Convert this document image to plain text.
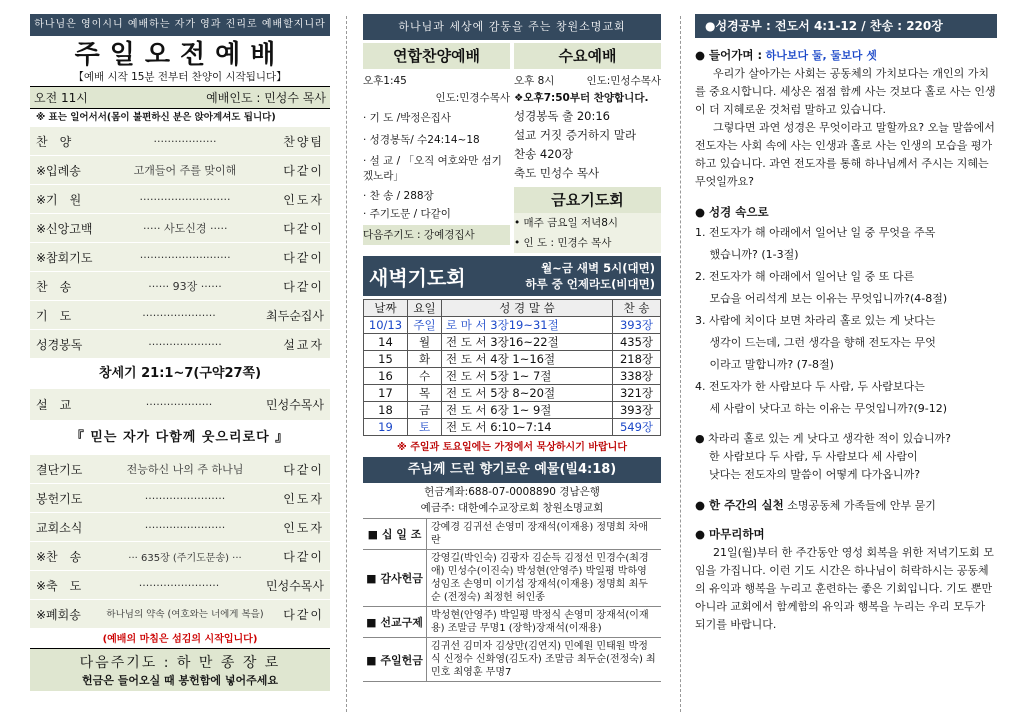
하나님은 영이시니 예배하는 자가 영과 진리로 예배할지니라
주일오전예배
【예배 시작 15분 전부터 찬양이 시작됩니다】
오전 11시	예배인도 : 민성수 목사
※ 표는 일어서서(몸이 불편하신 분은 앉아계셔도 됩니다)
찬　양	··················	찬양팀
※입례송	고개들어 주를 맞이해	다같이
※기　원	··························	인도자
※신앙고백	····· 사도신경 ·····	다같이
※참회기도	··························	다같이
찬　송	······ 93장 ······	다같이
기　도	·····················	최두순집사
성경봉독	·····················	설교자
창세기 21:1~7(구약27쪽)
설　교	···················	민성수목사
『 믿는 자가 다함께 웃으리로다 』
결단기도	전능하신 나의 주 하나님	다같이
봉헌기도	·······················	인도자
교회소식	·······················	인도자
※찬　송	··· 635장 (주기도문송) ···	다같이
※축　도	·······················	민성수목사
※폐회송	하나님의 약속 (여호와는 너에게 복을)	다같이
(예배의 마침은 섬김의 시작입니다)
다음주기도 : 하 만 종 장 로
헌금은 들어오실 때 봉헌함에 넣어주세요
하나님과 세상에 감동을 주는 창원소명교회
연합찬양예배
오후1:45
인도:민경수목사
· 기 도 /박정은집사
· 성경봉독/ 수24:14~18
· 설 교 / 「오직 여호와만 섬기겠노라」
· 찬 송 / 288장
· 주기도문 / 다같이
다음주기도 : 강예경집사
수요예배
오후 8시	인도:민성수목사
❖오후7:50부터 찬양합니다.
성경봉독 출 20:16
설교 거짓 증거하지 말라
찬송 420장
축도 민성수 목사
금요기도회
• 매주 금요일 저녁8시
• 인 도 : 민경수 목사
새벽기도회	월~금 새벽 5시(대면)
하루 중 언제라도(비대면)
날짜	요일	성 경 말 씀	찬 송
10/13	주일	로 마 서 3장19~31절	393장
14	월	전 도 서 3장16~22절	435장
15	화	전 도 서 4장 1~16절	218장
16	수	전 도 서 5장 1~ 7절	338장
17	목	전 도 서 5장 8~20절	321장
18	금	전 도 서 6장 1~ 9절	393장
19	토	전 도 서 6:10~7:14	549장
※ 주일과 토요일에는 가정에서 묵상하시기 바랍니다
주님께 드린 향기로운 예물(빌4:18)
헌금계좌:688-07-0008890 경남은행
예금주: 대한예수교장로회 창원소명교회
■ 십 일 조
강예경 김귀선 손영미 장재석(이재용) 정명희 차애란
■ 감사헌금
강영길(박인숙) 김광자 김순득 김정선 민경수(최경애) 민성수(이진숙) 박성현(안영주) 박일평 박하영 성임조 손영미 이기섭 장재석(이재용) 정명희 최두순 (전정숙) 최정헌 허인종
■ 선교구제
박성현(안영주) 박일평 박정식 손영미 장재석(이재용) 조말금 무명1 (장학)장재석(이재용)
■ 주일헌금
김귀선 김미자 김상만(김연지) 민예원 민태원 박정식 신정수 신화영(김도자) 조말금 최두순(전정숙) 최민호 최영훈 무명7
●성경공부 : 전도서 4:1-12 / 찬송 : 220장
● 들어가며 : 하나보다 둘, 둘보다 셋
우리가 살아가는 사회는 공동체의 가치보다는 개인의 가치를 중요시합니다. 세상은 점점 함께 사는 것보다 홀로 사는 인생이 더 지혜로운 것처럼 말하고 있습니다.
그렇다면 과연 성경은 무엇이라고 말할까요? 오늘 말씀에서 전도자는 사회 속에 사는 인생과 홀로 사는 인생의 모습을 평가하고 있습니다. 과연 전도자를 통해 하나님께서 주시는 지혜는 무엇일까요?
● 성경 속으로
1. 전도자가 해 아래에서 일어난 일 중 무엇을 주목
　 했습니까? (1-3절)
2. 전도자가 해 아래에서 일어난 일 중 또 다른
　 모습을 어리석게 보는 이유는 무엇입니까?(4-8절)
3. 사람에 치이다 보면 차라리 홀로 있는 게 낫다는
　 생각이 드는데, 그런 생각을 향해 전도자는 무엇
　 이라고 말합니까? (7-8절)
4. 전도자가 한 사람보다 두 사람, 두 사람보다는
　 세 사람이 낫다고 하는 이유는 무엇입니까?(9-12)
● 차라리 홀로 있는 게 낫다고 생각한 적이 있습니까?
한 사람보다 두 사람, 두 사람보다 세 사람이
낫다는 전도자의 말씀이 어떻게 다가옵니까?
● 한 주간의 실천 소명공동체 가족들에 안부 묻기
● 마무리하며
21일(월)부터 한 주간동안 영성 회복을 위한 저녁기도회 모임을 가집니다. 이런 기도 시간은 하나님이 허락하시는 공동체의 유익과 행복을 누리고 훈련하는 좋은 기회입니다. 기도 뿐만 아니라 교회에서 함께함의 유익과 행복을 누리는 우리 모두가 되기를 바랍니다.
